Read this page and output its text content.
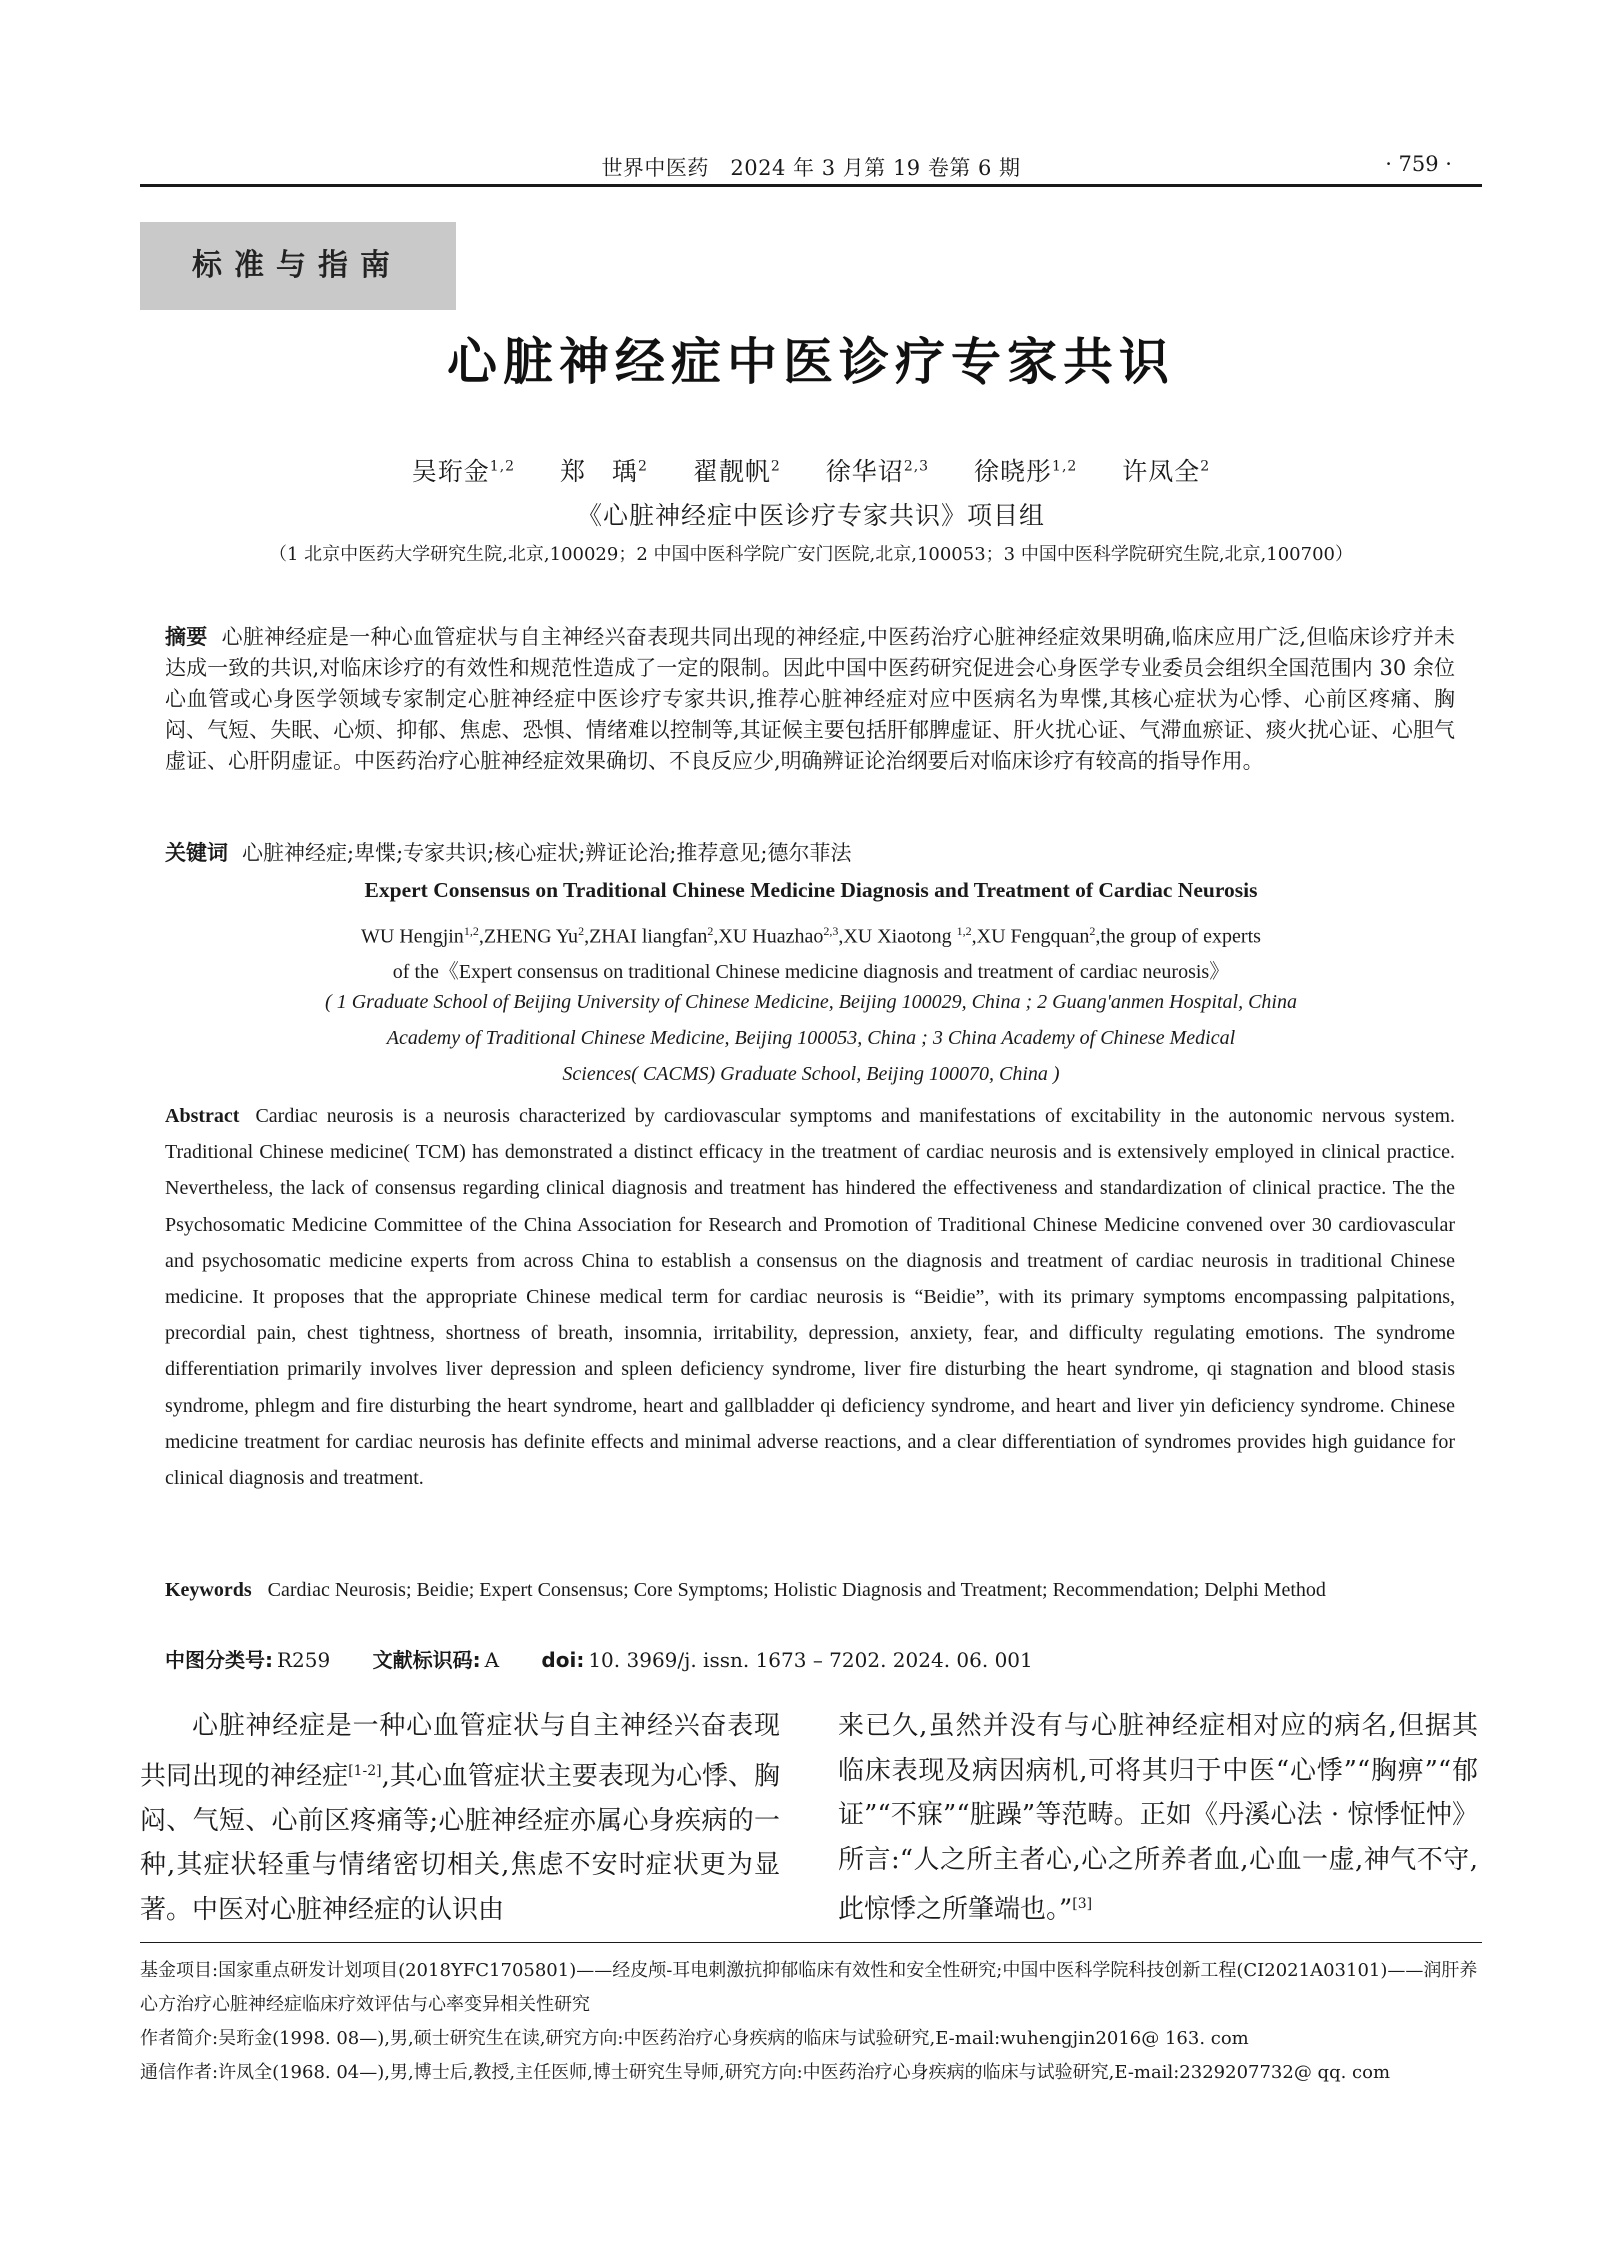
世界中医药　2024 年 3 月第 19 卷第 6 期	· 759 ·
标准与指南
心脏神经症中医诊疗专家共识
吴珩金$^{1,2}$ 郑　瑀$^2$ 翟靓帆$^2$ 徐华诏$^{2,3}$ 徐晓彤$^{1,2}$ 许凤全$^2$
《心脏神经症中医诊疗专家共识》项目组
（1 北京中医药大学研究生院,北京,100029；2 中国中医科学院广安门医院,北京,100053；3 中国中医科学院研究生院,北京,100700）
摘要 心脏神经症是一种心血管症状与自主神经兴奋表现共同出现的神经症,中医药治疗心脏神经症效果明确,临床应用广泛,但临床诊疗并未达成一致的共识,对临床诊疗的有效性和规范性造成了一定的限制。因此中国中医药研究促进会心身医学专业委员会组织全国范围内 30 余位心血管或心身医学领域专家制定心脏神经症中医诊疗专家共识,推荐心脏神经症对应中医病名为卑惵,其核心症状为心悸、心前区疼痛、胸闷、气短、失眠、心烦、抑郁、焦虑、恐惧、情绪难以控制等,其证候主要包括肝郁脾虚证、肝火扰心证、气滞血瘀证、痰火扰心证、心胆气虚证、心肝阴虚证。中医药治疗心脏神经症效果确切、不良反应少,明确辨证论治纲要后对临床诊疗有较高的指导作用。
关键词 心脏神经症;卑惵;专家共识;核心症状;辨证论治;推荐意见;德尔菲法
Expert Consensus on Traditional Chinese Medicine Diagnosis and Treatment of Cardiac Neurosis
WU Hengjin$^{1,2}$,ZHENG Yu$^2$,ZHAI liangfan$^2$,XU Huazhao$^{2,3}$,XU Xiaotong $^{1,2}$,XU Fengquan$^2$,the group of experts
of the《Expert consensus on traditional Chinese medicine diagnosis and treatment of cardiac neurosis》
( 1 Graduate School of Beijing University of Chinese Medicine, Beijing 100029, China ; 2 Guang'anmen Hospital, China
Academy of Traditional Chinese Medicine, Beijing 100053, China ; 3 China Academy of Chinese Medical
Sciences( CACMS) Graduate School, Beijing 100070, China )
Abstract Cardiac neurosis is a neurosis characterized by cardiovascular symptoms and manifestations of excitability in the autonomic nervous system. Traditional Chinese medicine( TCM) has demonstrated a distinct efficacy in the treatment of cardiac neurosis and is extensively employed in clinical practice. Nevertheless, the lack of consensus regarding clinical diagnosis and treatment has hindered the effectiveness and standardization of clinical practice. The the Psychosomatic Medicine Committee of the China Association for Research and Promotion of Traditional Chinese Medicine convened over 30 cardiovascular and psychosomatic medicine experts from across China to establish a consensus on the diagnosis and treatment of cardiac neurosis in traditional Chinese medicine. It proposes that the appropriate Chinese medical term for cardiac neurosis is “Beidie”, with its primary symptoms encompassing palpitations, precordial pain, chest tightness, shortness of breath, insomnia, irritability, depression, anxiety, fear, and difficulty regulating emotions. The syndrome differentiation primarily involves liver depression and spleen deficiency syndrome, liver fire disturbing the heart syndrome, qi stagnation and blood stasis syndrome, phlegm and fire disturbing the heart syndrome, heart and gallbladder qi deficiency syndrome, and heart and liver yin deficiency syndrome. Chinese medicine treatment for cardiac neurosis has definite effects and minimal adverse reactions, and a clear differentiation of syndromes provides high guidance for clinical diagnosis and treatment.
Keywords Cardiac Neurosis; Beidie; Expert Consensus; Core Symptoms; Holistic Diagnosis and Treatment; Recommendation; Delphi Method
中图分类号: R259 文献标识码: A doi: 10. 3969/j. issn. 1673 – 7202. 2024. 06. 001
心脏神经症是一种心血管症状与自主神经兴奋表现共同出现的神经症[1-2],其心血管症状主要表现为心悸、胸闷、气短、心前区疼痛等;心脏神经症亦属心身疾病的一种,其症状轻重与情绪密切相关,焦虑不安时症状更为显著。中医对心脏神经症的认识由
来已久,虽然并没有与心脏神经症相对应的病名,但据其临床表现及病因病机,可将其归于中医“心悸”“胸痹”“郁证”“不寐”“脏躁”等范畴。正如《丹溪心法 · 惊悸怔忡》所言:“人之所主者心,心之所养者血,心血一虚,神气不守,此惊悸之所肇端也。”[3]

基金项目:国家重点研发计划项目(2018YFC1705801)——经皮颅-耳电刺激抗抑郁临床有效性和安全性研究;中国中医科学院科技创新工程(CI2021A03101)——润肝养心方治疗心脏神经症临床疗效评估与心率变异相关性研究

作者简介:吴珩金(1998. 08—),男,硕士研究生在读,研究方向:中医药治疗心身疾病的临床与试验研究,E-mail:wuhengjin2016@ 163. com

通信作者:许凤全(1968. 04—),男,博士后,教授,主任医师,博士研究生导师,研究方向:中医药治疗心身疾病的临床与试验研究,E-mail:2329207732@ qq. com
